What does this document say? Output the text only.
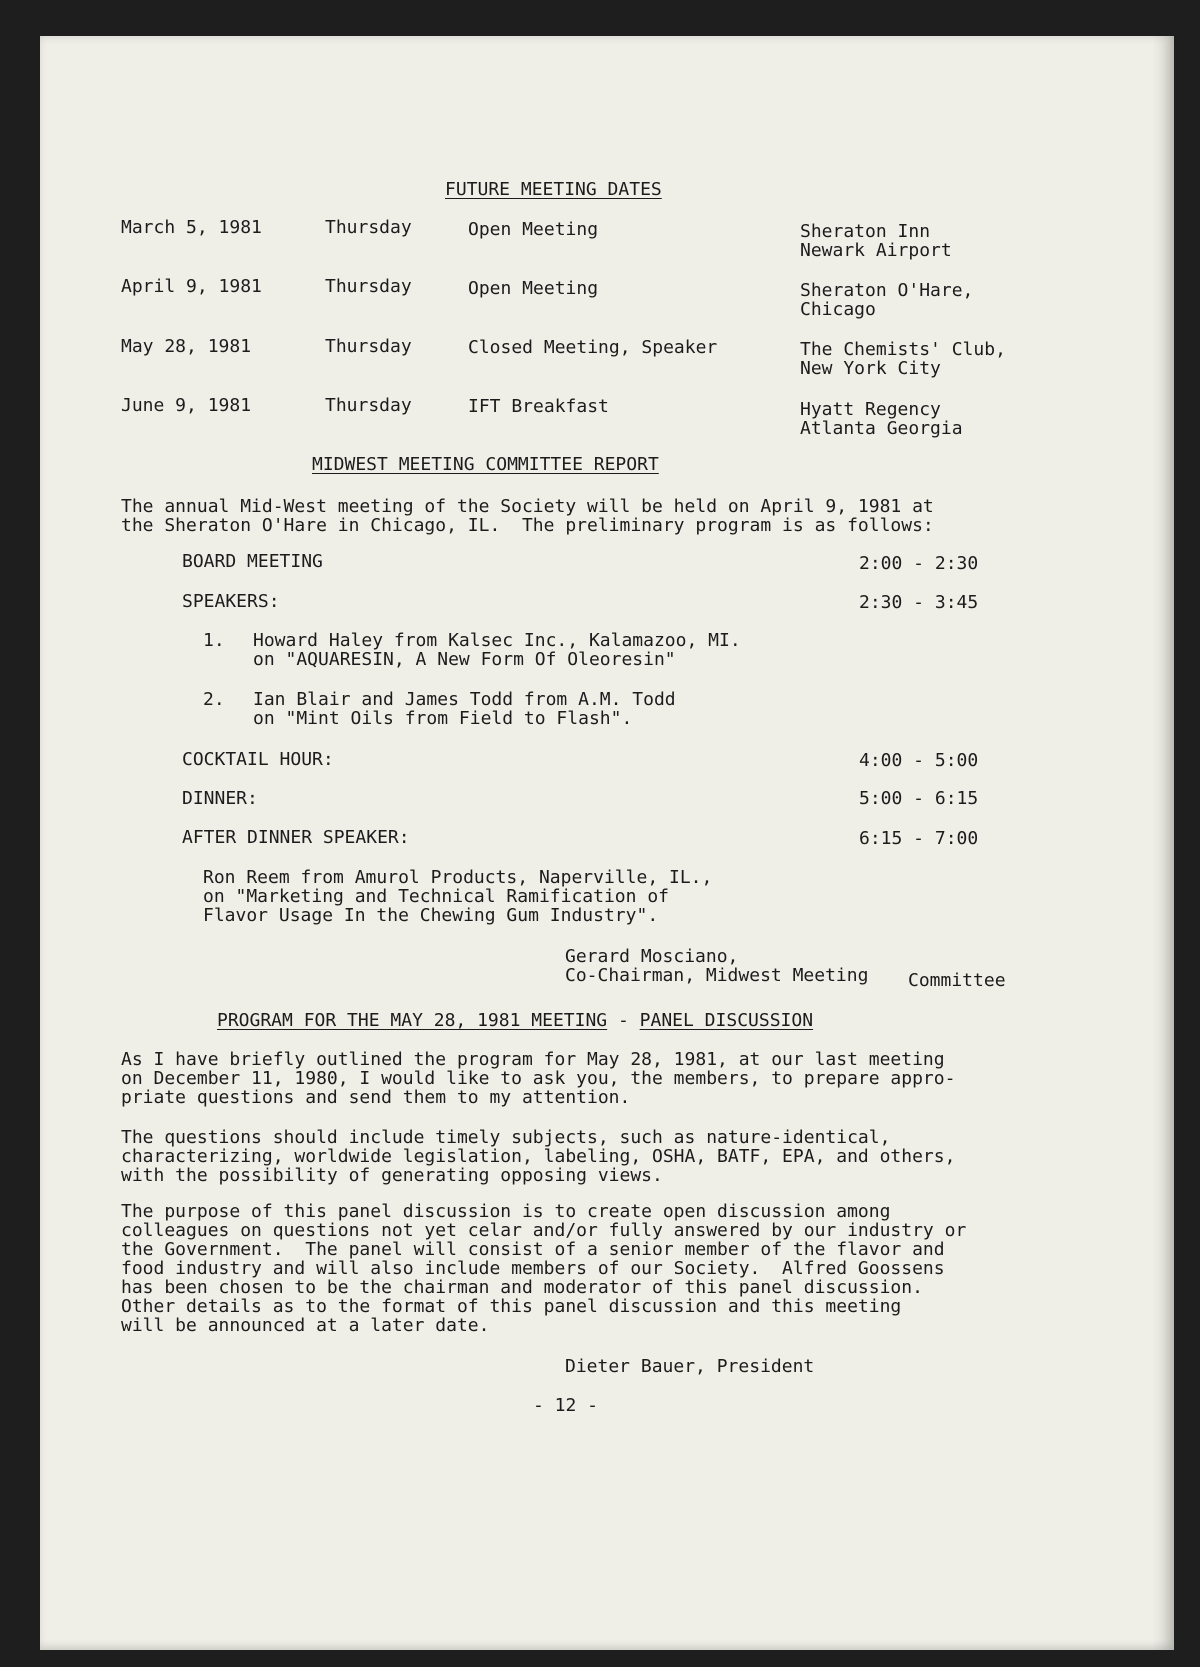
FUTURE MEETING DATES
March 5, 1981	Thursday	Open Meeting	Sheraton Inn
Newark Airport
April 9, 1981	Thursday	Open Meeting	Sheraton O'Hare,
Chicago
May 28, 1981	Thursday	Closed Meeting, Speaker	The Chemists' Club,
New York City
June 9, 1981	Thursday	IFT Breakfast	Hyatt Regency
Atlanta Georgia
MIDWEST MEETING COMMITTEE REPORT
The annual Mid-West meeting of the Society will be held on April 9, 1981 at
the Sheraton O'Hare in Chicago, IL.  The preliminary program is as follows:
BOARD MEETING	2:00 - 2:30
SPEAKERS:	2:30 - 3:45
1. Howard Haley from Kalsec Inc., Kalamazoo, MI.
on "AQUARESIN, A New Form Of Oleoresin"
2. Ian Blair and James Todd from A.M. Todd
on "Mint Oils from Field to Flash".
COCKTAIL HOUR:	4:00 - 5:00
DINNER:	5:00 - 6:15
AFTER DINNER SPEAKER:	6:15 - 7:00
Ron Reem from Amurol Products, Naperville, IL.,
on "Marketing and Technical Ramification of
Flavor Usage In the Chewing Gum Industry".
Gerard Mosciano,
Co-Chairman, Midwest Meeting Committee
PROGRAM FOR THE MAY 28, 1981 MEETING - PANEL DISCUSSION
As I have briefly outlined the program for May 28, 1981, at our last meeting
on December 11, 1980, I would like to ask you, the members, to prepare appro-
priate questions and send them to my attention.
The questions should include timely subjects, such as nature-identical,
characterizing, worldwide legislation, labeling, OSHA, BATF, EPA, and others,
with the possibility of generating opposing views.
The purpose of this panel discussion is to create open discussion among
colleagues on questions not yet celar and/or fully answered by our industry or
the Government.  The panel will consist of a senior member of the flavor and
food industry and will also include members of our Society.  Alfred Goossens
has been chosen to be the chairman and moderator of this panel discussion.
Other details as to the format of this panel discussion and this meeting
will be announced at a later date.
Dieter Bauer, President
- 12 -
